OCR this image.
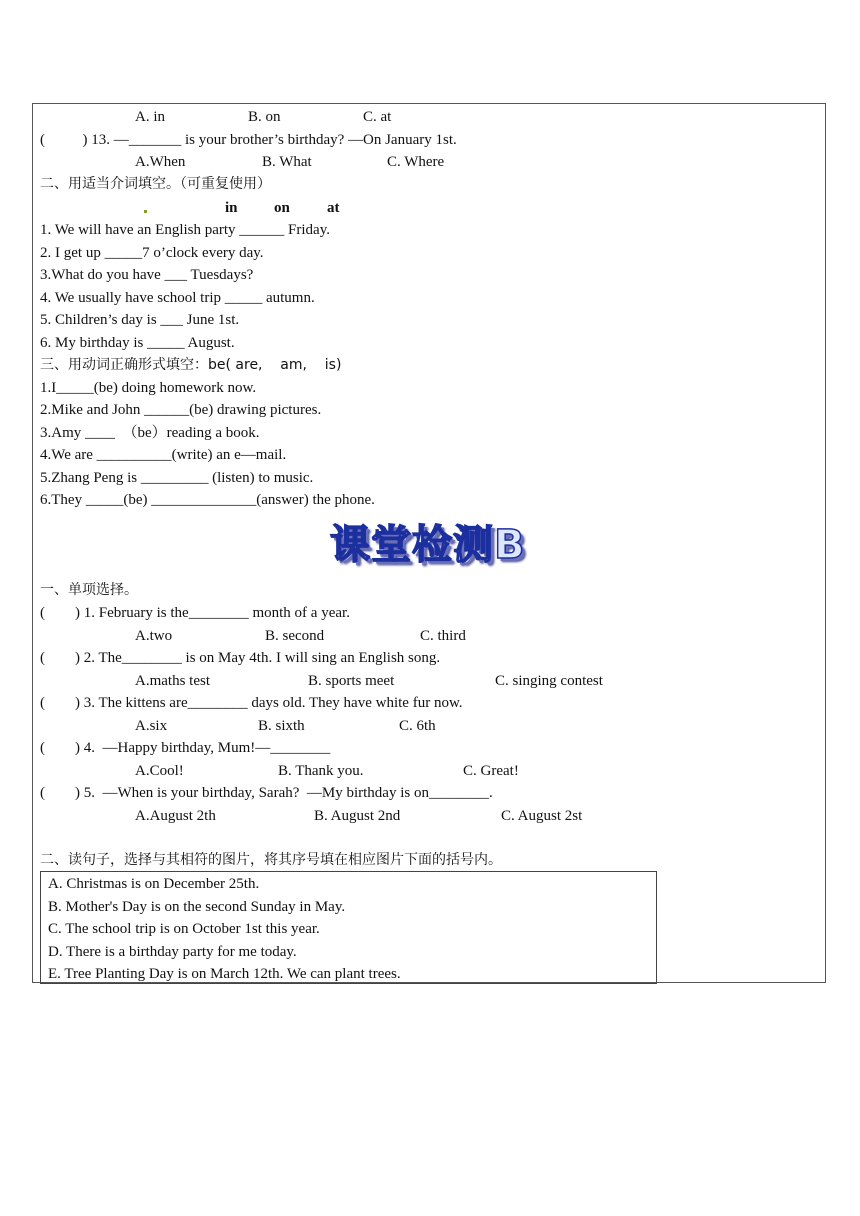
A. in	B. on	C. at
(          ) 13. —_______ is your brother’s birthday? —On January 1st.
A.When	B. What	C. Where
二、用适当介词填空。（可重复使用）
in on at
1. We will have an English party ______ Friday.
2. I get up _____7 o’clock every day.
3.What do you have ___ Tuesdays?
4. We usually have school trip _____ autumn.
5. Children’s day is ___ June 1st.
6. My birthday is _____ August.
三、用动词正确形式填空：be( are,    am,    is)
1.I_____(be) doing homework now.
2.Mike and John ______(be) drawing pictures.
3.Amy ____  （be）reading a book.
4.We are __________(write) an e—mail.
5.Zhang Peng is _________ (listen) to music.
6.They _____(be) ______________(answer) the phone.
课堂检测B
一、单项选择。
(        ) 1. February is the________ month of a year.
A.two	B. second	C. third
(        ) 2. The________ is on May 4th. I will sing an English song.
A.maths test	B. sports meet	C. singing contest
(        ) 3. The kittens are________ days old. They have white fur now.
A.six	B. sixth	C. 6th
(        ) 4.  —Happy birthday, Mum!—________
A.Cool!	B. Thank you.	C. Great!
(        ) 5.  —When is your birthday, Sarah?  —My birthday is on________.
A.August 2th	B. August 2nd	C. August 2st
二、读句子，选择与其相符的图片，将其序号填在相应图片下面的括号内。
A. Christmas is on December 25th.
B. Mother's Day is on the second Sunday in May.
C. The school trip is on October 1st this year.
D. There is a birthday party for me today.
E. Tree Planting Day is on March 12th. We can plant trees.
